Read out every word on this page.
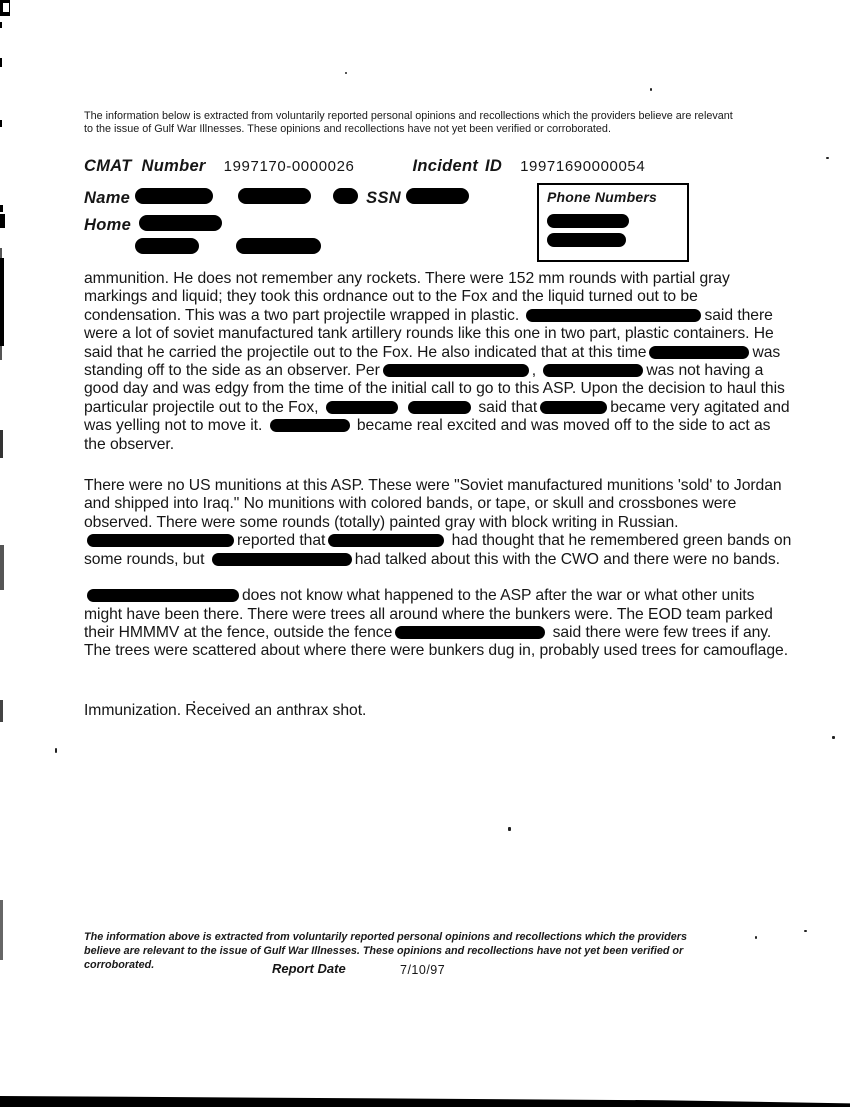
The information below is extracted from voluntarily reported personal opinions and recollections which the providers believe are relevant to the issue of Gulf War Illnesses. These opinions and recollections have not yet been verified or corroborated.
CMAT Number 1997170-0000026	Incident ID 19971690000054
Name	SSN
Home
Phone Numbers

ammunition. He does not remember any rockets. There were 152 mm rounds with partial gray markings and liquid; they took this ordnance out to the Fox and the liquid turned out to be condensation. This was a two part projectile wrapped in plastic.	said there were a lot of soviet manufactured tank artillery rounds like this one in two part, plastic containers. He said that he carried the projectile out to the Fox. He also indicated that at this time	was standing off to the side as an observer. Per	,	was not having a good day and was edgy from the time of the initial call to go to this ASP. Upon the decision to haul this particular projectile out to the Fox,	said that	became very agitated and was yelling not to move it.	became real excited and was moved off to the side to act as the observer.

There were no US munitions at this ASP. These were "Soviet manufactured munitions 'sold' to Jordan and shipped into Iraq." No munitions with colored bands, or tape, or skull and crossbones were observed. There were some rounds (totally) painted gray with block writing in Russian. reported that	had thought that he remembered green bands on some rounds, but	had talked about this with the CWO and there were no bands.

does not know what happened to the ASP after the war or what other units might have been there. There were trees all around where the bunkers were. The EOD team parked their HMMMV at the fence, outside the fence	said there were few trees if any. The trees were scattered about where there were bunkers dug in, probably used trees for camouflage.

Immunization. Received an anthrax shot.

The information above is extracted from voluntarily reported personal opinions and recollections which the providers believe are relevant to the issue of Gulf War Illnesses. These opinions and recollections have not yet been verified or corroborated.	Report Date	7/10/97
